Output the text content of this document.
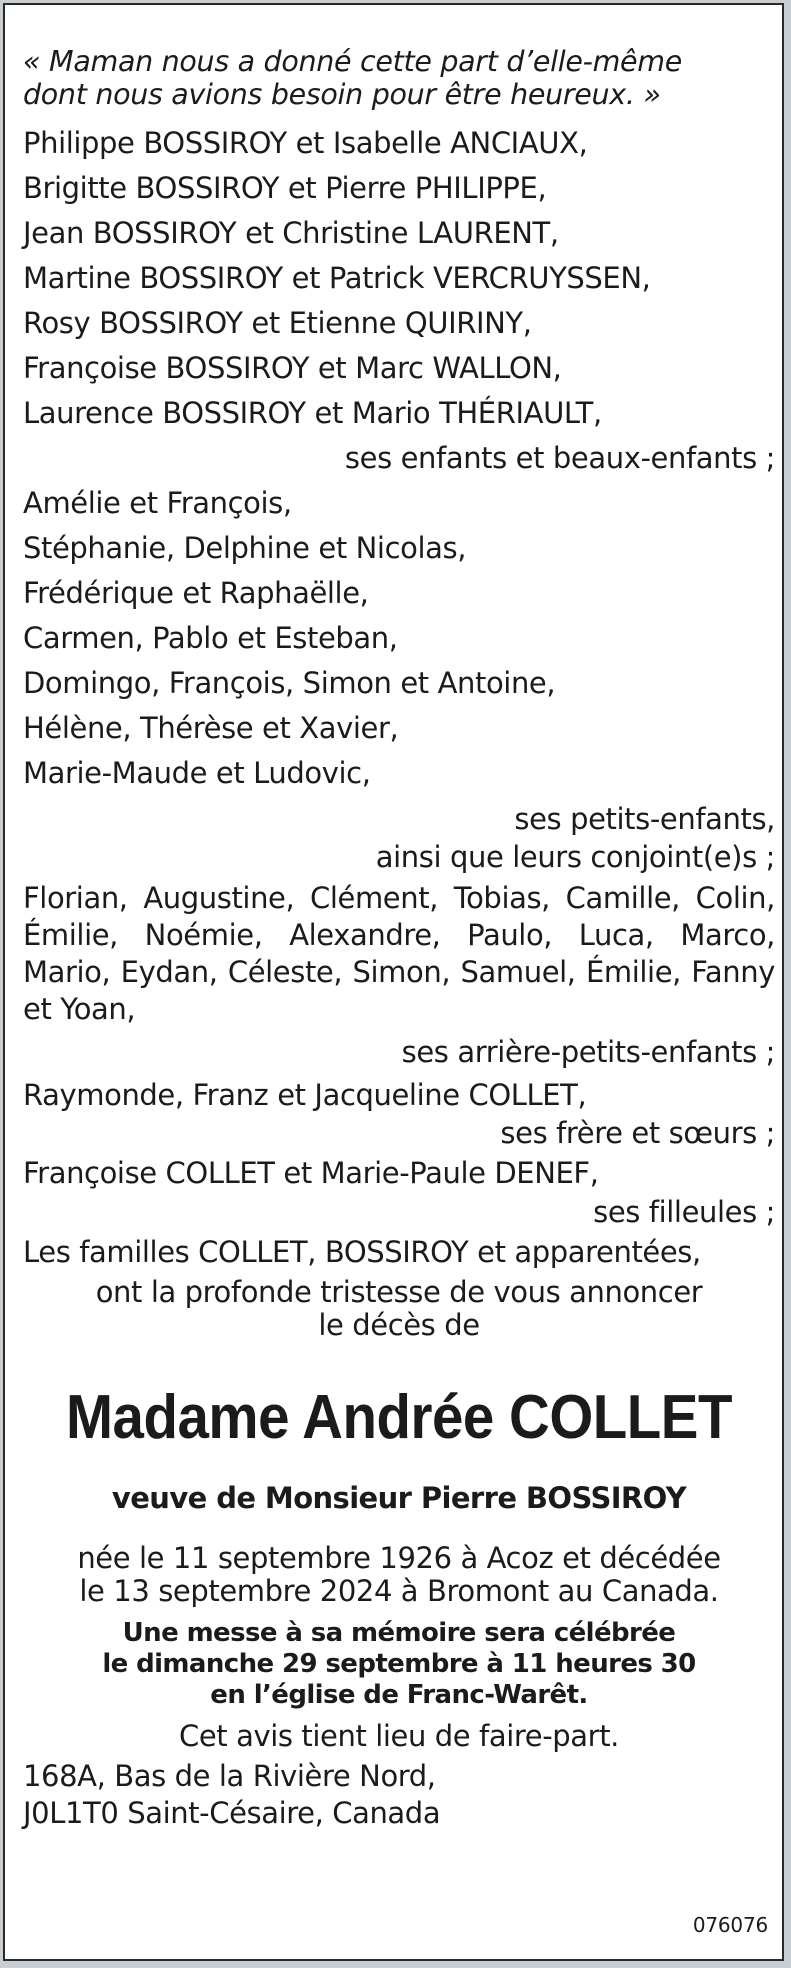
« Maman nous a donné cette part d’elle-même
dont nous avions besoin pour être heureux. »
Philippe BOSSIROY et Isabelle ANCIAUX,
Brigitte BOSSIROY et Pierre PHILIPPE,
Jean BOSSIROY et Christine LAURENT,
Martine BOSSIROY et Patrick VERCRUYSSEN,
Rosy BOSSIROY et Etienne QUIRINY,
Françoise BOSSIROY et Marc WALLON,
Laurence BOSSIROY et Mario THÉRIAULT,
ses enfants et beaux-enfants ;
Amélie et François,
Stéphanie, Delphine et Nicolas,
Frédérique et Raphaëlle,
Carmen, Pablo et Esteban,
Domingo, François, Simon et Antoine,
Hélène, Thérèse et Xavier,
Marie-Maude et Ludovic,
ses petits-enfants,
ainsi que leurs conjoint(e)s ;
Florian, Augustine, Clément, Tobias, Camille, Colin, Émilie, Noémie, Alexandre, Paulo, Luca, Marco, Mario, Eydan, Céleste, Simon, Samuel, Émilie, Fanny et Yoan,
ses arrière-petits-enfants ;
Raymonde, Franz et Jacqueline COLLET,
ses frère et sœurs ;
Françoise COLLET et Marie-Paule DENEF,
ses filleules ;
Les familles COLLET, BOSSIROY et apparentées,
ont la profonde tristesse de vous annoncer
le décès de
Madame Andrée COLLET
veuve de Monsieur Pierre BOSSIROY
née le 11 septembre 1926 à Acoz et décédée
le 13 septembre 2024 à Bromont au Canada.
Une messe à sa mémoire sera célébrée
le dimanche 29 septembre à 11 heures 30
en l’église de Franc-Warêt.
Cet avis tient lieu de faire-part.
168A, Bas de la Rivière Nord,
J0L1T0 Saint-Césaire, Canada
076076
